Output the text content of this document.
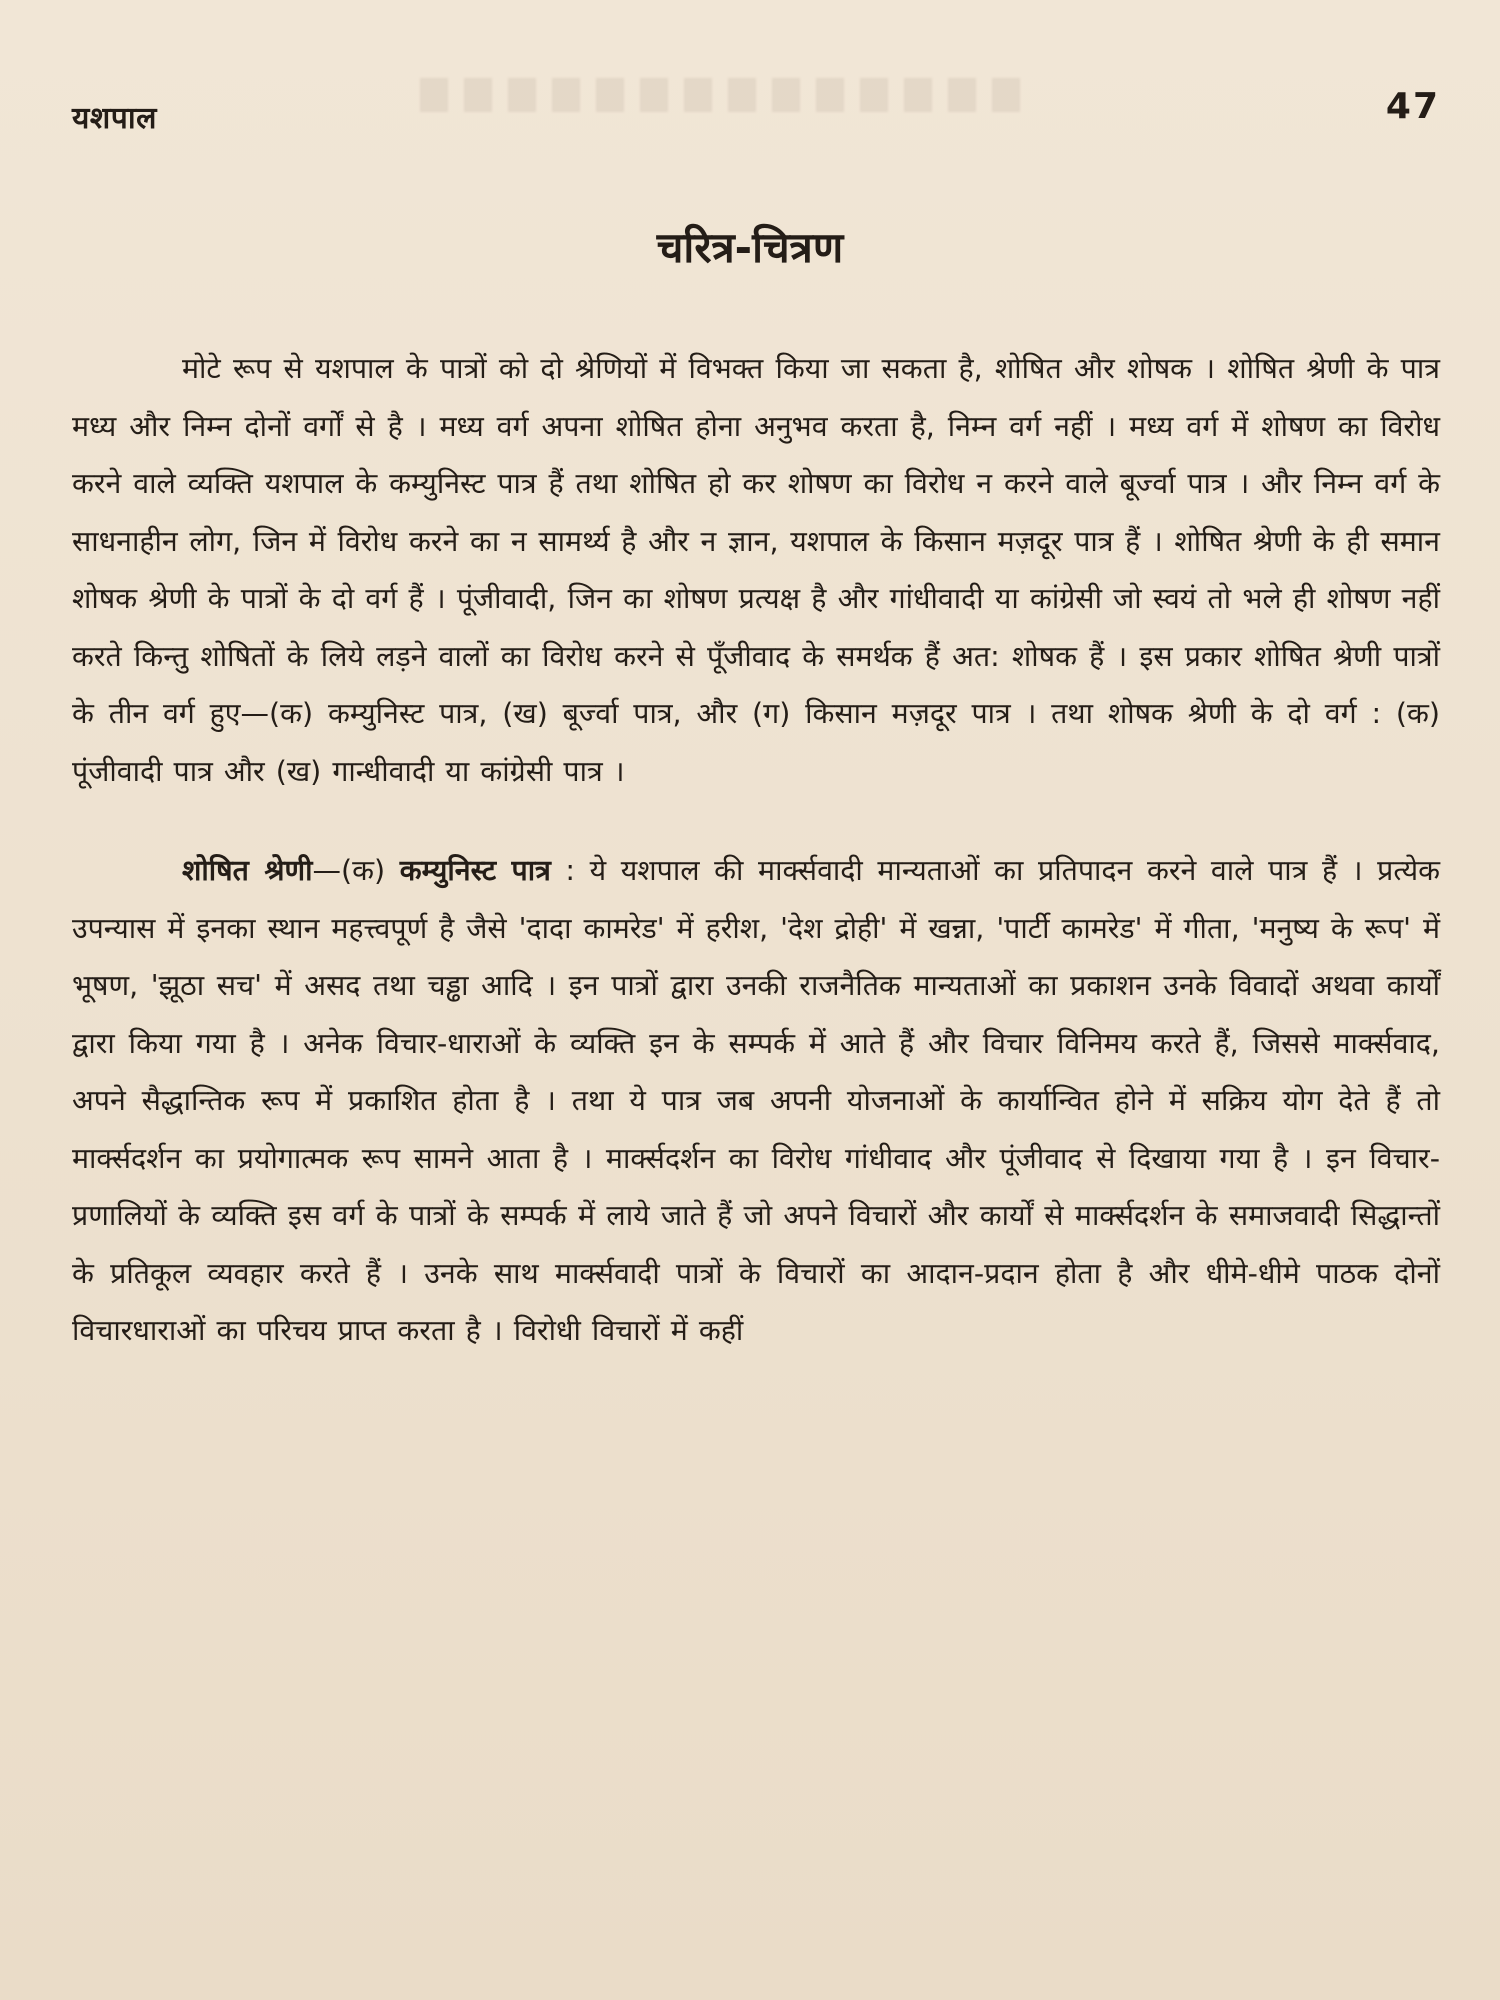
यशपाल	47
चरित्र-चित्रण

मोटे रूप से यशपाल के पात्रों को दो श्रेणियों में विभक्त किया जा सकता है, शोषित और शोषक । शोषित श्रेणी के पात्र मध्य और निम्न दोनों वर्गों से है । मध्य वर्ग अपना शोषित होना अनुभव करता है, निम्न वर्ग नहीं । मध्य वर्ग में शोषण का विरोध करने वाले व्यक्ति यशपाल के कम्युनिस्ट पात्र हैं तथा शोषित हो कर शोषण का विरोध न करने वाले बूर्ज्वा पात्र । और निम्न वर्ग के साधनाहीन लोग, जिन में विरोध करने का न सामर्थ्य है और न ज्ञान, यशपाल के किसान मज़दूर पात्र हैं । शोषित श्रेणी के ही समान शोषक श्रेणी के पात्रों के दो वर्ग हैं । पूंजीवादी, जिन का शोषण प्रत्यक्ष है और गांधीवादी या कांग्रेसी जो स्वयं तो भले ही शोषण नहीं करते किन्तु शोषितों के लिये लड़ने वालों का विरोध करने से पूँजीवाद के समर्थक हैं अत: शोषक हैं । इस प्रकार शोषित श्रेणी पात्रों के तीन वर्ग हुए—(क) कम्युनिस्ट पात्र, (ख) बूर्ज्वा पात्र, और (ग) किसान मज़दूर पात्र । तथा शोषक श्रेणी के दो वर्ग : (क) पूंजीवादी पात्र और (ख) गान्धीवादी या कांग्रेसी पात्र ।

शोषित श्रेणी—(क) कम्युनिस्ट पात्र : ये यशपाल की मार्क्सवादी मान्यताओं का प्रतिपादन करने वाले पात्र हैं । प्रत्येक उपन्यास में इनका स्थान महत्त्वपूर्ण है जैसे 'दादा कामरेड' में हरीश, 'देश द्रोही' में खन्ना, 'पार्टी कामरेड' में गीता, 'मनुष्य के रूप' में भूषण, 'झूठा सच' में असद तथा चड्ढा आदि । इन पात्रों द्वारा उनकी राजनैतिक मान्यताओं का प्रकाशन उनके विवादों अथवा कार्यों द्वारा किया गया है । अनेक विचार-धाराओं के व्यक्ति इन के सम्पर्क में आते हैं और विचार विनिमय करते हैं, जिससे मार्क्सवाद, अपने सैद्धान्तिक रूप में प्रकाशित होता है । तथा ये पात्र जब अपनी योजनाओं के कार्यान्वित होने में सक्रिय योग देते हैं तो मार्क्सदर्शन का प्रयोगात्मक रूप सामने आता है । मार्क्सदर्शन का विरोध गांधीवाद और पूंजीवाद से दिखाया गया है । इन विचार-प्रणालियों के व्यक्ति इस वर्ग के पात्रों के सम्पर्क में लाये जाते हैं जो अपने विचारों और कार्यों से मार्क्सदर्शन के समाजवादी सिद्धान्तों के प्रतिकूल व्यवहार करते हैं । उनके साथ मार्क्सवादी पात्रों के विचारों का आदान-प्रदान होता है और धीमे-धीमे पाठक दोनों विचारधाराओं का परिचय प्राप्त करता है । विरोधी विचारों में कहीं
